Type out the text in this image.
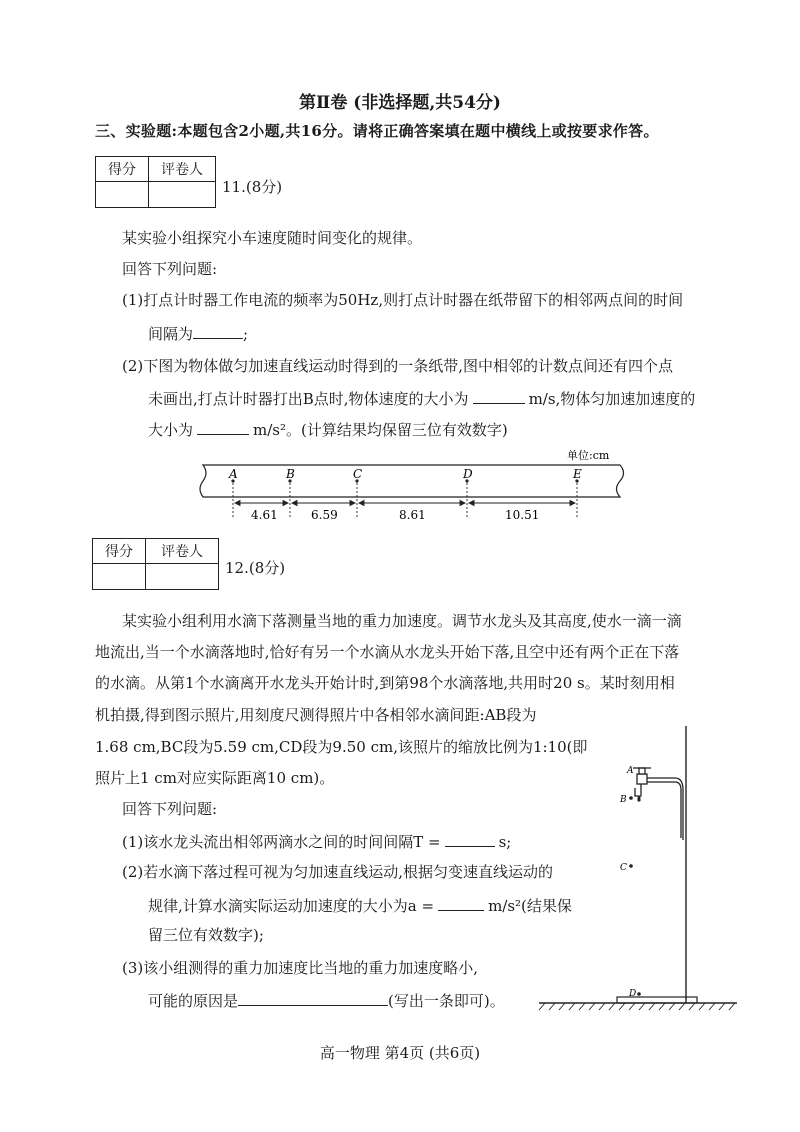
第Ⅱ卷 (非选择题,共54分)
三、实验题:本题包含2小题,共16分。请将正确答案填在题中横线上或按要求作答。
得分	评卷人

11.(8分)
某实验小组探究小车速度随时间变化的规律。
回答下列问题:
(1)打点计时器工作电流的频率为50Hz,则打点计时器在纸带留下的相邻两点间的时间
间隔为	;
(2)下图为物体做匀加速直线运动时得到的一条纸带,图中相邻的计数点间还有四个点
未画出,打点计时器打出B点时,物体速度的大小为	m/s,物体匀加速加速度的
大小为	m/s²。(计算结果均保留三位有效数字)
单位:cm
A	B	C	D	E
4.61	6.59	8.61	10.51
得分	评卷人

12.(8分)
某实验小组利用水滴下落测量当地的重力加速度。调节水龙头及其高度,使水一滴一滴
地流出,当一个水滴落地时,恰好有另一个水滴从水龙头开始下落,且空中还有两个正在下落
的水滴。从第1个水滴离开水龙头开始计时,到第98个水滴落地,共用时20 s。某时刻用相
机拍摄,得到图示照片,用刻度尺测得照片中各相邻水滴间距:AB段为
1.68 cm,BC段为5.59 cm,CD段为9.50 cm,该照片的缩放比例为1:10(即
照片上1 cm对应实际距离10 cm)。
回答下列问题:
(1)该水龙头流出相邻两滴水之间的时间间隔T =	s;
(2)若水滴下落过程可视为匀加速直线运动,根据匀变速直线运动的
规律,计算水滴实际运动加速度的大小为a =	m/s²(结果保
留三位有效数字);
(3)该小组测得的重力加速度比当地的重力加速度略小,
可能的原因是	(写出一条即可)。
A
B
C
D
高一物理 第4页 (共6页)
